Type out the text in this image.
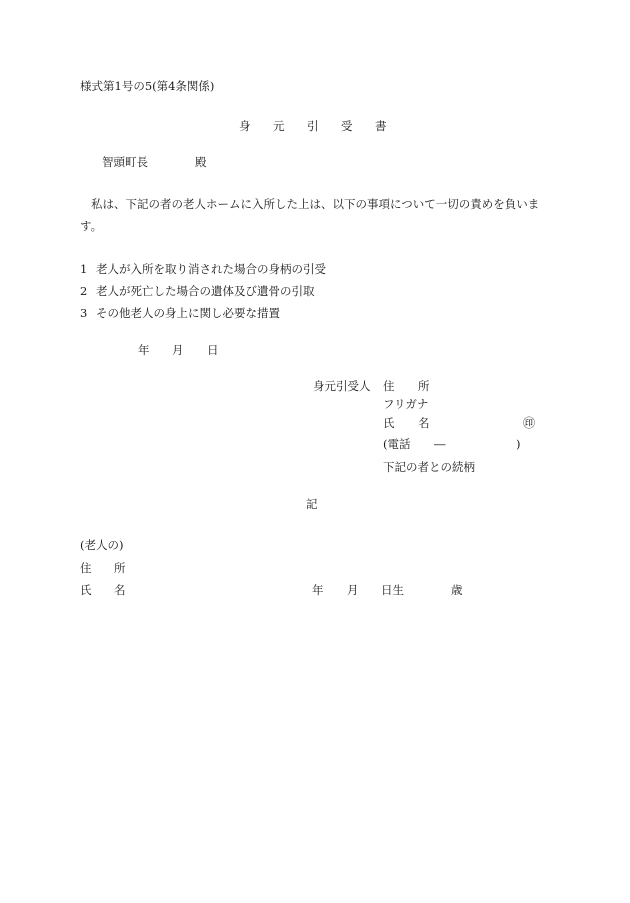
様式第1号の5(第4条関係)
身 元 引 受 書
智頭町長	殿
私は、下記の者の老人ホームに入所した上は、以下の事項について一切の責めを負いま
す。
1 老人が入所を取り消された場合の身柄の引受
2 老人が死亡した場合の遺体及び遺骨の引取
3 その他老人の身上に関し必要な措置
年 月 日
身元引受人 住 所
フリガナ
氏 名	㊞
(電話 ―	)
下記の者との続柄
記
(老人の)
住 所
氏 名	年 月 日生	歳
